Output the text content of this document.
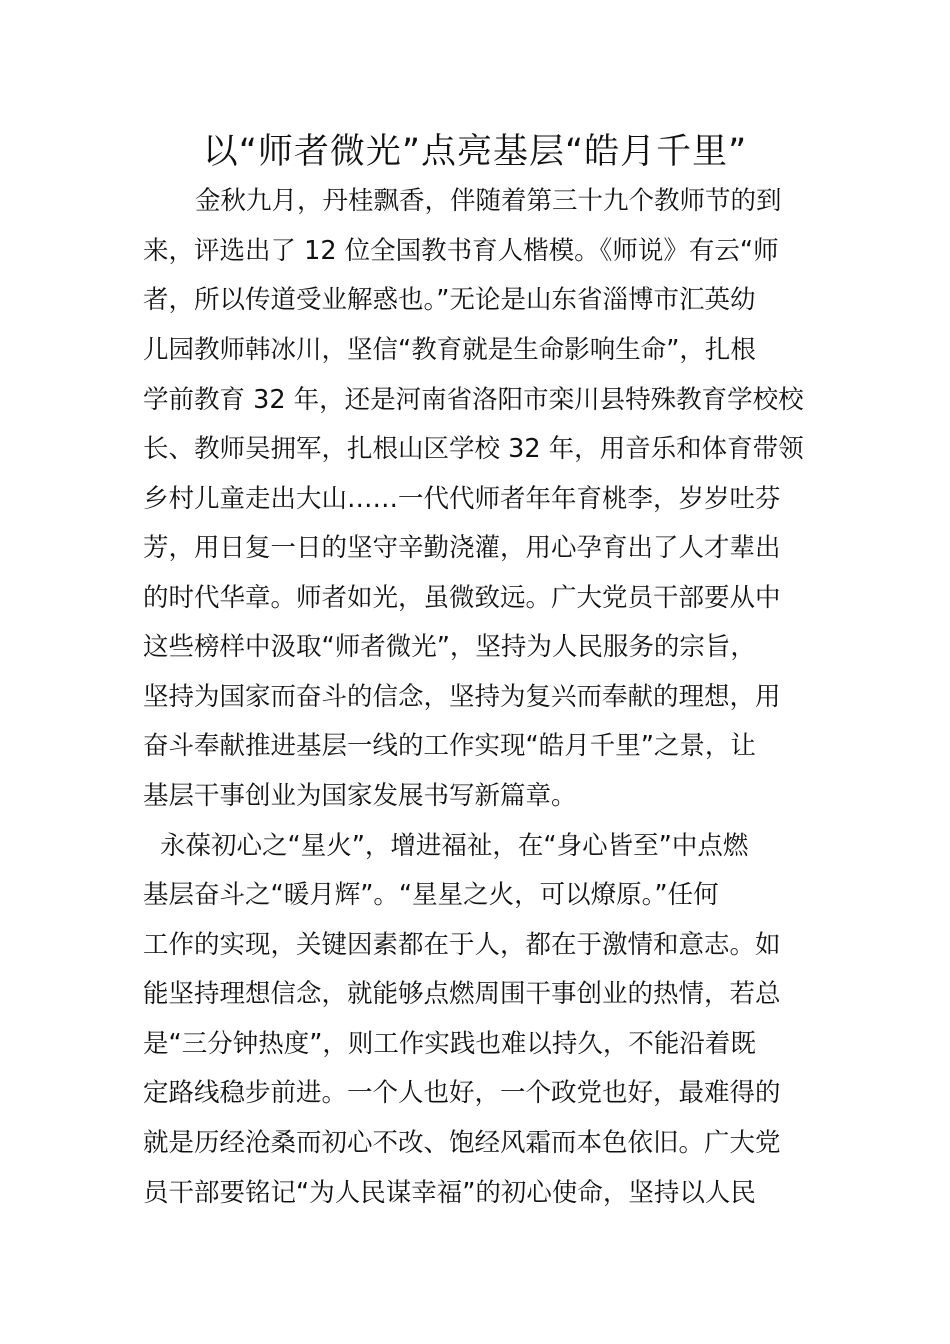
以“师者微光”点亮基层“皓月千里”

金秋九月，丹桂飘香，伴随着第三十九个教师节的到

来，评选出了 12 位全国教书育人楷模。《师说》有云“师

者，所以传道受业解惑也。”无论是山东省淄博市汇英幼

儿园教师韩冰川，坚信“教育就是生命影响生命”，扎根

学前教育 32 年，还是河南省洛阳市栾川县特殊教育学校校

长、教师吴拥军，扎根山区学校 32 年，用音乐和体育带领

乡村儿童走出大山……一代代师者年年育桃李，岁岁吐芬

芳，用日复一日的坚守辛勤浇灌，用心孕育出了人才辈出

的时代华章。师者如光，虽微致远。广大党员干部要从中

这些榜样中汲取“师者微光”，坚持为人民服务的宗旨，

坚持为国家而奋斗的信念，坚持为复兴而奉献的理想，用

奋斗奉献推进基层一线的工作实现“皓月千里”之景，让

基层干事创业为国家发展书写新篇章。

永葆初心之“星火”，增进福祉，在“身心皆至”中点燃

基层奋斗之“暖月辉”。“星星之火，可以燎原。”任何

工作的实现，关键因素都在于人，都在于激情和意志。如

能坚持理想信念，就能够点燃周围干事创业的热情，若总

是“三分钟热度”，则工作实践也难以持久，不能沿着既

定路线稳步前进。一个人也好，一个政党也好，最难得的

就是历经沧桑而初心不改、饱经风霜而本色依旧。广大党

员干部要铭记“为人民谋幸福”的初心使命，坚持以人民
